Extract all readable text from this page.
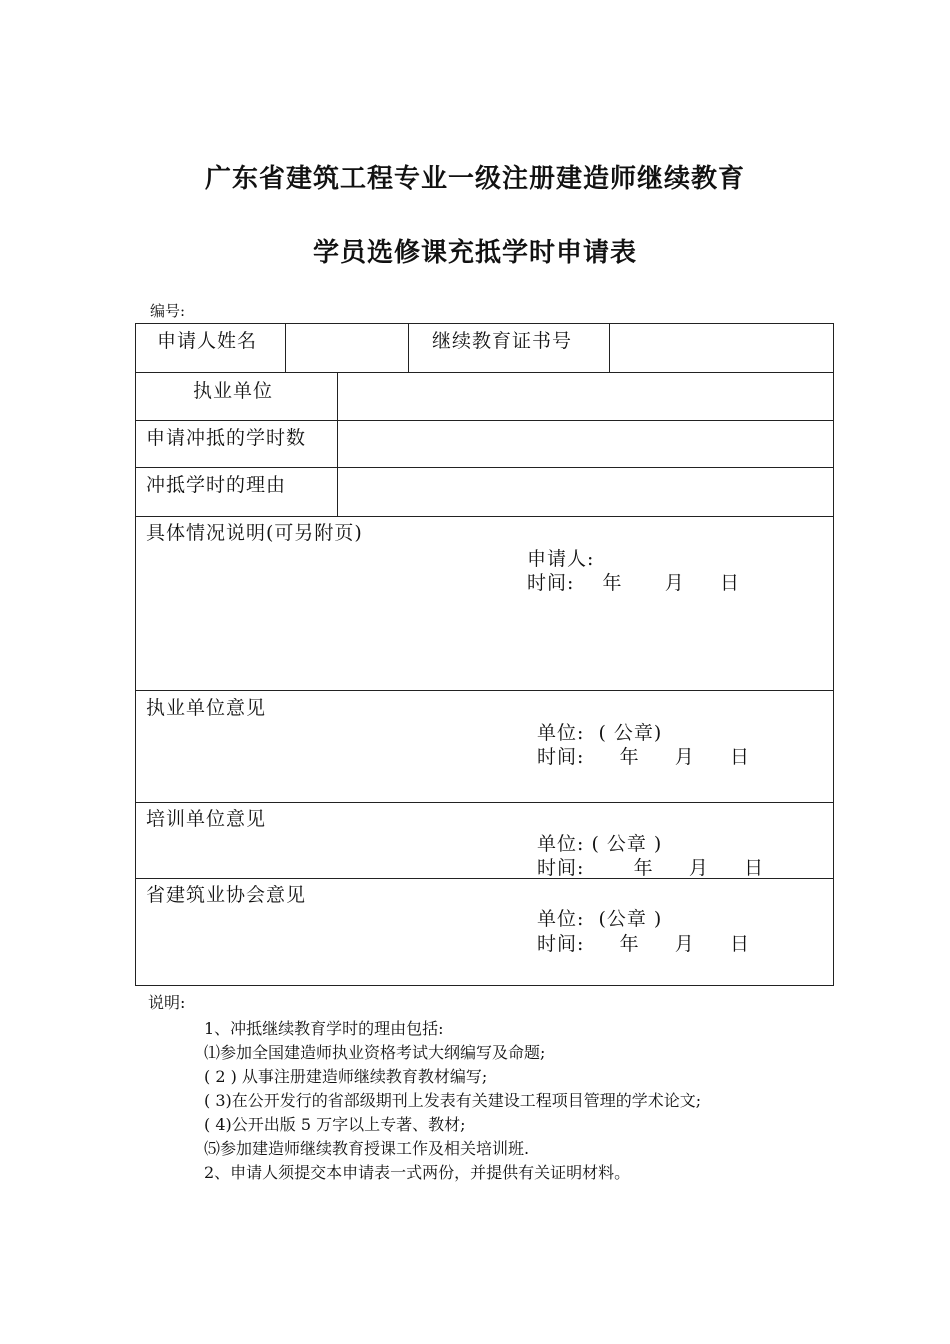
广东省建筑工程专业一级注册建造师继续教育
学员选修课充抵学时申请表
编号:
申请人姓名	继续教育证书号
执业单位
申请冲抵的学时数
冲抵学时的理由
具体情况说明(可另附页)
申请人:
时间:    年      月     日
执业单位意见
单位:  ( 公章)
时间:     年     月     日
培训单位意见
单位: ( 公章 )
时间:       年     月     日
省建筑业协会意见
单位:  (公章 )
时间:     年     月     日
说明:
1、冲抵继续教育学时的理由包括:
⑴参加全国建造师执业资格考试大纲编写及命题;
( 2 ) 从事注册建造师继续教育教材编写;
( 3)在公开发行的省部级期刊上发表有关建设工程项目管理的学术论文;
( 4)公开出版 5 万字以上专著、教材;
⑸参加建造师继续教育授课工作及相关培训班.
2、申请人须提交本申请表一式两份，并提供有关证明材料。
